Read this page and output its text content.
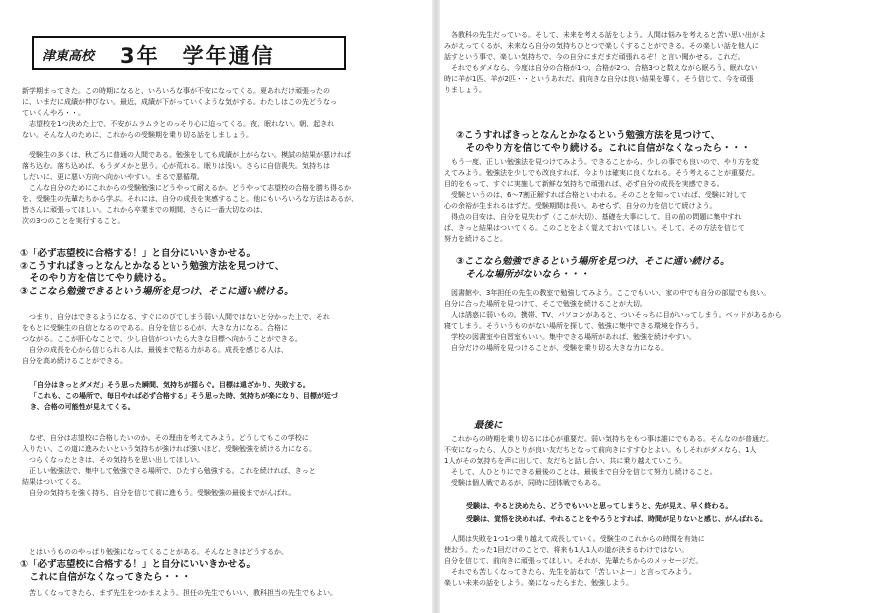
津東高校 3年　学年通信
新学期まってきた。この時期になると、いろいろな事が不安になってくる。夏あれだけ頑張ったの
に、いまだに成績が伸びない。最近、成績が下がっていくような気がする。わたしはこの先どうなっ
ていくんやろ・・。
　志望校を1つ決めた上で、不安がムラムラとのっそり心に迫ってくる。夜、眠れない。朝、起きれ
ない。そんな人のために、これからの受験期を乗り切る話をしましょう。
　受験生の多くは、秋ごろに普通の人間である。勉強をしても成績が上がらない。模試の結果が悪ければ
落ち込む。落ち込めば、もうダメかと思う。心が荒れる。眠りは浅い。さらに自信喪失。気持ちは
しだいに、更に悪い方向へ向かいやすい。まるで悪循環。
　こんな自分のためにこれからの受験勉強にどうやって耐えるか。どうやって志望校の合格を勝ち得るか
を、受験生の先輩たちから学ぶ。それには、自分の成長を実感すること。他にもいろいろな方法はあるが、
皆さんに頑張ってほしい。これから卒業までの期間、さらに一番大切なのは、
次の3つのことを実行すること。
①「必ず志望校に合格する！」と自分にいいきかせる。
②こうすればきっとなんとかなるという勉強方法を見つけて、
　そのやり方を信じてやり続ける。
③ここなら勉強できるという場所を見つけ、そこに通い続ける。
　つまり、自分はできるようになる、すぐにのびてしまう弱い人間ではないと分かった上で、それ
をもとに受験生の自信となるのである。自分を信じる心が、大きな力になる。合格に
つながる。ここが肝心なことで、少し自信がついたら大きな目標へ向かうことができる。
　自分の成長を心から信じられる人は、最後まで粘る力がある。成長を感じる人は、
自分を高め続けることができる。
「自分はきっとダメだ」そう思った瞬間、気持ちが揺らぐ。目標は遠ざかり、失敗する。
「これも、この場所で、毎日やれば必ず合格する」そう思った時、気持ちが楽になり、目標が近づ
き、合格の可能性が見えてくる。
　なぜ、自分は志望校に合格したいのか。その理由を考えてみよう。どうしてもこの学校に
入りたい、この道に進みたいという気持ちが強ければ強いほど、受験勉強を続ける力になる。
　つらくなったときは、その気持ちを思い出してほしい。
　正しい勉強法で、集中して勉強できる場所で、ひたすら勉強する。これを続ければ、きっと
結果はついてくる。
　自分の気持ちを強く持ち、自分を信じて前に進もう。受験勉強の最後までがんばれ。
　とはいうもののやっぱり勉強になってくることがある。そんなときはどうするか。
①「必ず志望校に合格する！」と自分にいいきかせる。
　これに自信がなくなってきたら・・・
　苦しくなってきたら、まず先生をつかまえよう。担任の先生でもいい、教科担当の先生でもよい。
　各教科の先生だっている。そして、未来を考える話をしよう。人間は悩みを考えると苦い思い出がよ
みがえってくるが、未来なら自分の気持ちひとつで楽しくすることができる。その楽しい話を他人に
話すという事で、楽しい気持ちで、今の自分にまだまだ頑張れるぞ！と言い聞かせる。これだ。
　それでもダメなら、今度は自分の合格が1つ、合格が2つ、合格3つと数えながら眠ろう。眠れない
時に羊が1匹、羊が2匹・・というあれだ。前向きな自分は良い結果を導く。そう信じて、今を頑張
りましょう。
②こうすればきっとなんとかなるという勉強方法を見つけて、
　そのやり方を信じてやり続ける。これに自信がなくなったら・・・
　もう一度、正しい勉強法を見つけてみよう。できることから、少しの事でも良いので、やり方を変
えてみよう。勉強法を少しでも改良すれば、今よりは確実に良くなれる。そう考えることが重要だ。
目的をもって、すぐに実施して新鮮な気持ちで頑張れば、必ず自分の成長を実感できる。
　受験というのは、6〜7割正解すれば合格といわれる。そのことを知っていれば、受験に対して
心の余裕が生まれるはずだ。受験期間は長い。あせらず、自分の力を信じて続けよう。
　得点の目安は、自分を見失わず（ここが大切）、基礎を大事にして、目の前の問題に集中すれ
ば、きっと結果はついてくる。このことをよく覚えておいてほしい。そして、その方法を信じて
努力を続けること。
③ここなら勉強できるという場所を見つけ、そこに通い続ける。
　そんな場所がないなら・・・
　図書館や、3年担任の先生の教室で勉強してみよう。ここでもいい、家の中でも自分の部屋でも良い。
自分に合った場所を見つけて、そこで勉強を続けることが大切。
　人は誘惑に弱いもの。携帯、TV、パソコンがあると、ついそっちに目がいってしまう。ベッドがあるから
寝てしまう。そういうものがない場所を探して、勉強に集中できる環境を作ろう。
　学校の図書室や自習室もいい。集中できる場所があれば、勉強を続けやすい。
　自分だけの場所を見つけることが、受験を乗り切る大きな力になる。
最後に
　これからの時期を乗り切るには心が重要だ。弱い気持ちをもつ事は誰にでもある。そんなのが普通だ。
不安になったら、人ひとりが良い友だちとなって前向きにすすむとよい。もしそれがダメなら、1人
1人がその気持ちを声に出して、友だちと話し合い、共に乗り越えていこう。
　そして、人ひとりにできる最後のことは、最後まで自分を信じて努力し続けること。
　受験は個人戦であるが、同時に団体戦でもある。
受験は、やると決めたら、どうでもいいと思ってしまうと、先が見え、早く終わる。
受験は、覚悟を決めれば、やれることをやろうとすれば、時間が足りないと感じ、がんばれる。
　人間は失敗を1つ1つ乗り越えて成長していく。受験生のこれからの時間を有効に
使おう。たった1回だけのことで、将来も1人1人の道が決まるわけではない。
自分を信じて、前向きに頑張ってほしい。それが、先輩たちからのメッセージだ。
　それでも苦しくなってきたら、先生を訪ねて「苦しいよー」と言ってみよう。
楽しい未来の話をしよう。楽になったらまた、勉強しよう。
